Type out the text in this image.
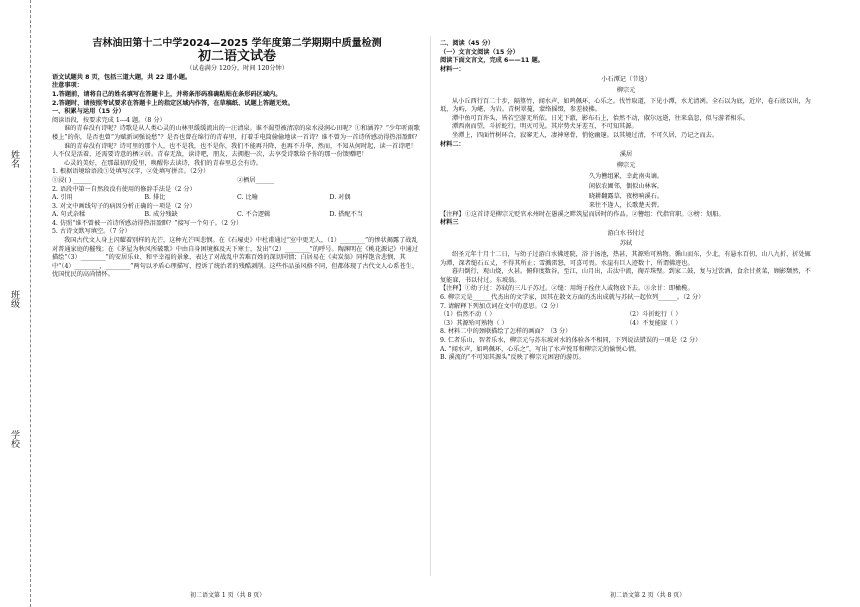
姓名
班级
学校
吉林油田第十二中学2024—2025 学年度第二学期期中质量检测
初二语文试卷

（试卷满分 120分，时间 120分钟）

语文试题共 8 页，包括三道大题，共 22 道小题。

注意事项：

1.答题前，请将自己的姓名填写在答题卡上，并将条形码准确粘贴在条形码区域内。

2.答题时，请按照考试要求在答题卡上的指定区域内作答，在草稿纸、试题上答题无效。

一、积累与运用（15 分）

阅读语段，按要求完成 1---4 题。（8 分）

谁的青春没有诗呢？诗歌是从人类心灵的山林里缓缓流出的一汪清泉。谁不渴望被清凉的泉水浸润心田呢？①和涵养？“少年听雨歌楼上”的你，是否也曾“为赋新词强说愁”？是否也曾在绵行的青春里，打着手电筒偷偷地读一首诗？谁不曾为一首诗所感动得热泪盈眶？

谁的青春没有诗呢？诗可里的那个人，也不是我，也不是你，我们不能再升降，也再不升华，然而，不知从何时起，读一首诗吧！人不仅是活着，还需要诗意的栖②居。青春无敌，读诗吧，朋友，去拥抱一次，去享受诗歌给予你的那一份馈赠吧！

心灵的美好，在那最初的爱里，唤醒你去读诗，我们的青春里总会有诗。

1. 根据语境给语段①处填写汉字，②处填写拼音。（2分）

①浸( ) ______	②栖居______

2. 语段中第一自然段没有使用的修辞手法是（2 分）

A. 引用	B. 排比	C. 比喻	D. 对偶

3. 对文中画线句子的病因分析正确的一项是（2 分）

A. 句式杂糅	B. 成分残缺	C. 不合逻辑	D. 搭配不当

4. 仿照“谁不曾被一首诗所感动得热泪盈眶？”接写一个句子。（2 分）

5. 古诗文默写填空。（7 分）

我国古代文人身上闪耀着别样的光芒，这种光芒叫悲悯。在《石壕吏》中杜甫通过“室中更无人，（1）________”的惨状揭露了战乱对普通家庭的摧残；在《茅屋为秋风所破歌》中由自身困境推及天下寒士，发出“（2）________”的呼号。陶渊明在《桃花源记》中通过描绘“（3）________”的安居乐业、和平幸福的景象，表达了对战乱中苦难百姓的深切同情；白居易在《卖炭翁》同样饱含悲悯，其中“（4）________，________”两句以矛盾心理描写，控诉了统治者的残酷剥削。这些作品虽风格不同，但都体现了古代文人心系苍生、忧国忧民的高尚情怀。

初二语文第 1 页（共 8 页）

二、阅读（45 分）

（一）文言文阅读（15 分）

阅读下面文言文，完成 6——11 题。

材料一：

小石潭记（节选）

柳宗元

从小丘西行百二十步，隔篁竹，闻水声，如鸣佩环，心乐之。伐竹取道，下见小潭，水尤清冽。全石以为底，近岸，卷石底以出，为坻，为屿，为嵁，为岩。青树翠蔓，蒙络摇缀，参差披拂。

潭中鱼可百许头，皆若空游无所依。日光下澈，影布石上，佁然不动，俶尔远逝，往来翕忽，似与游者相乐。

潭西南而望，斗折蛇行，明灭可见。其岸势犬牙差互，不可知其源。

坐潭上，四面竹树环合，寂寥无人，凄神寒骨，悄怆幽邃。以其境过清，不可久居，乃记之而去。

材料二：

溪居

柳宗元

久为簪组累，幸此南夷谪。

闲依农圃邻，偶似山林客。

晓耕翻露草，夜榜响溪石。

来往不逢人，长歌楚天碧。

【注释】①这首诗是柳宗元贬官永州时在愚溪之畔筑屋而居时的作品。②簪组：代指官职。③榜：划船。

材料三

游白水书付过

苏轼

绍圣元年十月十二日，与幼子过游白水佛迹院，浴于汤池，热甚，其源殆可熟物。循山而东，少北，有悬水百仞，山八九折，折处辄为潭，深者缒石五丈，不得其所止；雪溅雷怒，可喜可畏。水崖有巨人迹数十，所谓佛迹也。

暮归倒行，观山烧，火甚。俯仰度数谷，至江，山月出，击汰中流，掬弄珠璧。到家二鼓，复与过饮酒，食余甘煮菜，顾影颓然，不复能寐，书以付过。东坡翁。

【注释】①幼子过：苏轼的三儿子苏过。②缒：用绳子拴住人或物放下去。③余甘：即橄榄。

6. 柳宗元是______代杰出的文学家，因其在散文方面的杰出成就与苏轼一起位列______。（2 分）

7. 请解释下列加点词在文中的意思。（2 分）

（1）佁然不动（ ）	（2）斗折蛇行（ ）
（3）其源殆可熟物（ ）	（4）不复能寐（ ）

8. 材料二中的颈联描绘了怎样的画面？（3 分）

9. 仁者乐山，智者乐水，柳宗元与苏东坡对水的体验各不相同，下列说法错误的一项是（2 分）

A. “闻水声，如鸣佩环，心乐之”，写出了水声悦耳和柳宗元的愉悦心情。

B. 溪流的“不可知其源头”反映了柳宗元困窘的游历。

初二语文第 2 页（共 8 页）
